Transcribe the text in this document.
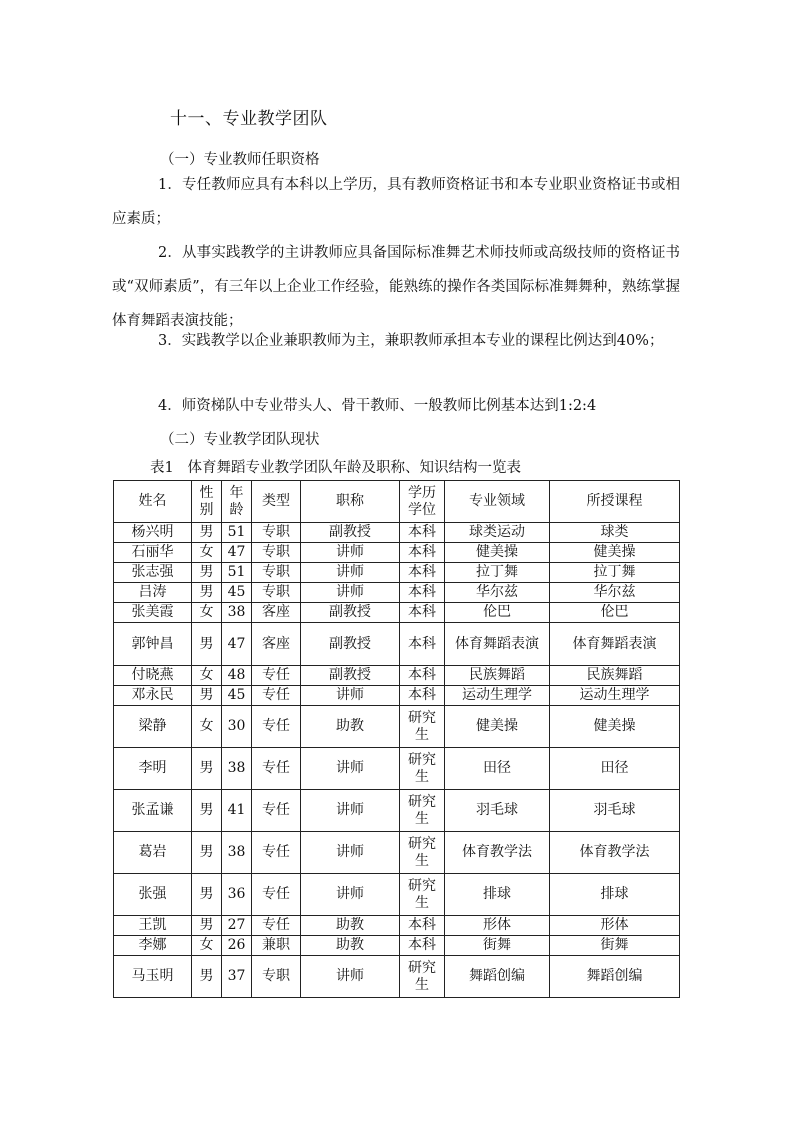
十一、专业教学团队
（一）专业教师任职资格
1．专任教师应具有本科以上学历，具有教师资格证书和本专业职业资格证书或相应素质；
2．从事实践教学的主讲教师应具备国际标准舞艺术师技师或高级技师的资格证书或“双师素质”，有三年以上企业工作经验，能熟练的操作各类国际标准舞舞种，熟练掌握体育舞蹈表演技能；
3．实践教学以企业兼职教师为主，兼职教师承担本专业的课程比例达到40%；
4．师资梯队中专业带头人、骨干教师、一般教师比例基本达到1:2:4
（二）专业教学团队现状
表1   体育舞蹈专业教学团队年龄及职称、知识结构一览表
姓名	性别	年龄	类型	职称	学历学位	专业领域	所授课程
杨兴明	男	51	专职	副教授	本科	球类运动	球类
石丽华	女	47	专职	讲师	本科	健美操	健美操
张志强	男	51	专职	讲师	本科	拉丁舞	拉丁舞
吕涛	男	45	专职	讲师	本科	华尔兹	华尔兹
张美霞	女	38	客座	副教授	本科	伦巴	伦巴
郭钟昌	男	47	客座	副教授	本科	体育舞蹈表演	体育舞蹈表演
付晓燕	女	48	专任	副教授	本科	民族舞蹈	民族舞蹈
邓永民	男	45	专任	讲师	本科	运动生理学	运动生理学
梁静	女	30	专任	助教	研究生	健美操	健美操
李明	男	38	专任	讲师	研究生	田径	田径
张孟谦	男	41	专任	讲师	研究生	羽毛球	羽毛球
葛岩	男	38	专任	讲师	研究生	体育教学法	体育教学法
张强	男	36	专任	讲师	研究生	排球	排球
王凯	男	27	专任	助教	本科	形体	形体
李娜	女	26	兼职	助教	本科	街舞	街舞
马玉明	男	37	专职	讲师	研究生	舞蹈创编	舞蹈创编
